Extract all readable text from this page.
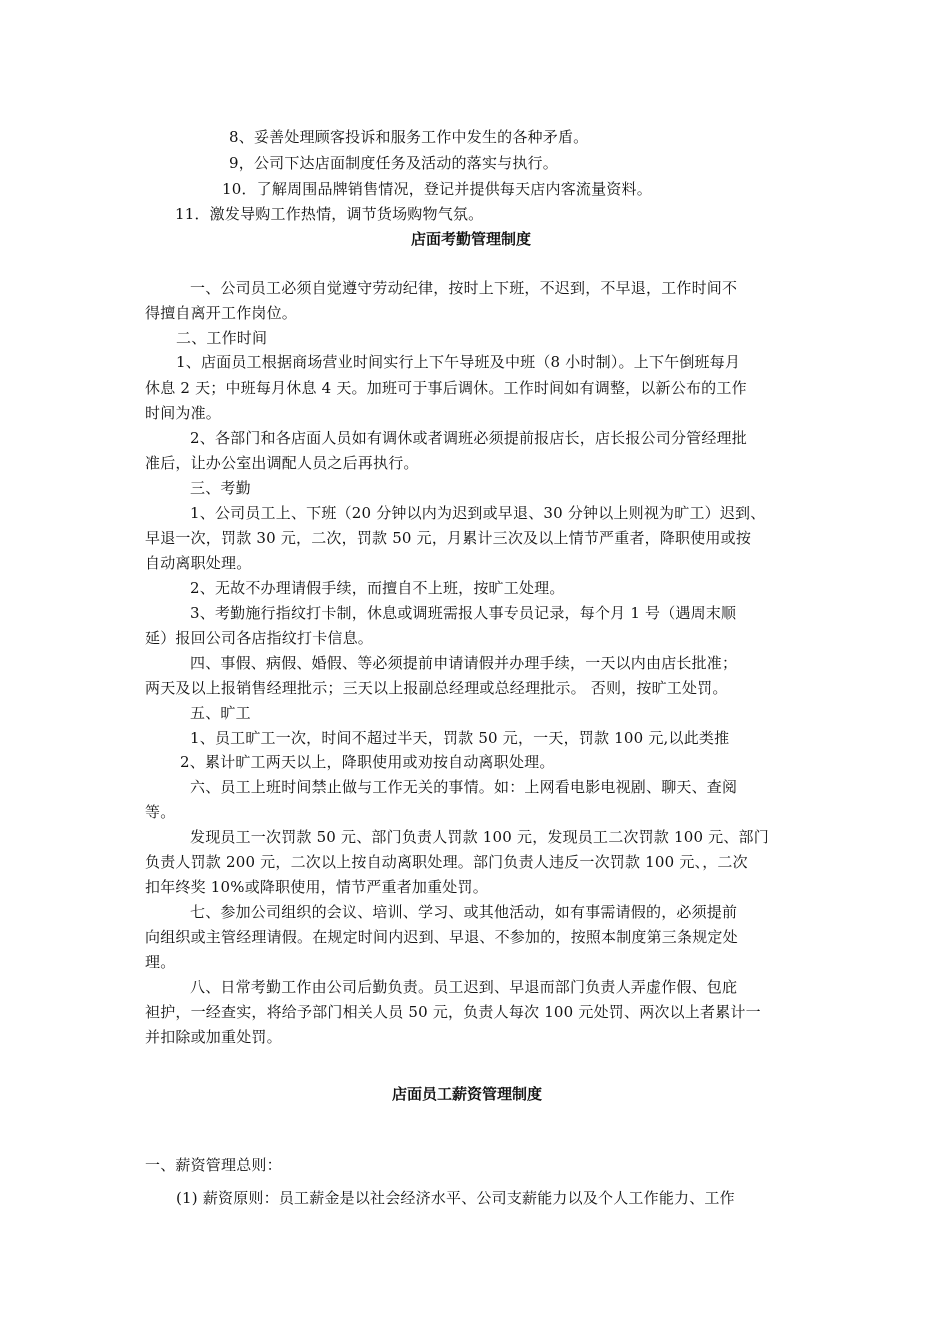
8、妥善处理顾客投诉和服务工作中发生的各种矛盾。
9，公司下达店面制度任务及活动的落实与执行。
10．了解周围品牌销售情况，登记并提供每天店内客流量资料。
11．激发导购工作热情，调节货场购物气氛。
店面考勤管理制度
一、公司员工必须自觉遵守劳动纪律，按时上下班，不迟到，不早退，工作时间不
得擅自离开工作岗位。
二、工作时间
1、店面员工根据商场营业时间实行上下午导班及中班（8 小时制）。上下午倒班每月
休息 2 天；中班每月休息 4 天。加班可于事后调休。工作时间如有调整，以新公布的工作
时间为准。
2、各部门和各店面人员如有调休或者调班必须提前报店长，店长报公司分管经理批
准后，让办公室出调配人员之后再执行。
三、考勤
1、公司员工上、下班（20 分钟以内为迟到或早退、30 分钟以上则视为旷工）迟到、
早退一次，罚款 30 元，二次，罚款 50 元，月累计三次及以上情节严重者，降职使用或按
自动离职处理。
2、无故不办理请假手续，而擅自不上班，按旷工处理。
3、考勤施行指纹打卡制，休息或调班需报人事专员记录，每个月 1 号（遇周末顺
延）报回公司各店指纹打卡信息。
四、事假、病假、婚假、等必须提前申请请假并办理手续，一天以内由店长批准；
两天及以上报销售经理批示；三天以上报副总经理或总经理批示。 否则，按旷工处罚。
五、旷工
1、员工旷工一次，时间不超过半天，罚款 50 元，一天，罚款 100 元,以此类推
2、累计旷工两天以上，降职使用或劝按自动离职处理。
六、员工上班时间禁止做与工作无关的事情。如：上网看电影电视剧、聊天、查阅
等。
发现员工一次罚款 50 元、部门负责人罚款 100 元，发现员工二次罚款 100 元、部门
负责人罚款 200 元，二次以上按自动离职处理。部门负责人违反一次罚款 100 元、，二次
扣年终奖 10%或降职使用，情节严重者加重处罚。
七、参加公司组织的会议、培训、学习、或其他活动，如有事需请假的，必须提前
向组织或主管经理请假。在规定时间内迟到、早退、不参加的，按照本制度第三条规定处
理。
八、日常考勤工作由公司后勤负责。员工迟到、早退而部门负责人弄虚作假、包庇
袒护，一经查实，将给予部门相关人员 50 元，负责人每次 100 元处罚、两次以上者累计一
并扣除或加重处罚。
店面员工薪资管理制度
一、薪资管理总则：
(1) 薪资原则：员工薪金是以社会经济水平、公司支薪能力以及个人工作能力、工作
